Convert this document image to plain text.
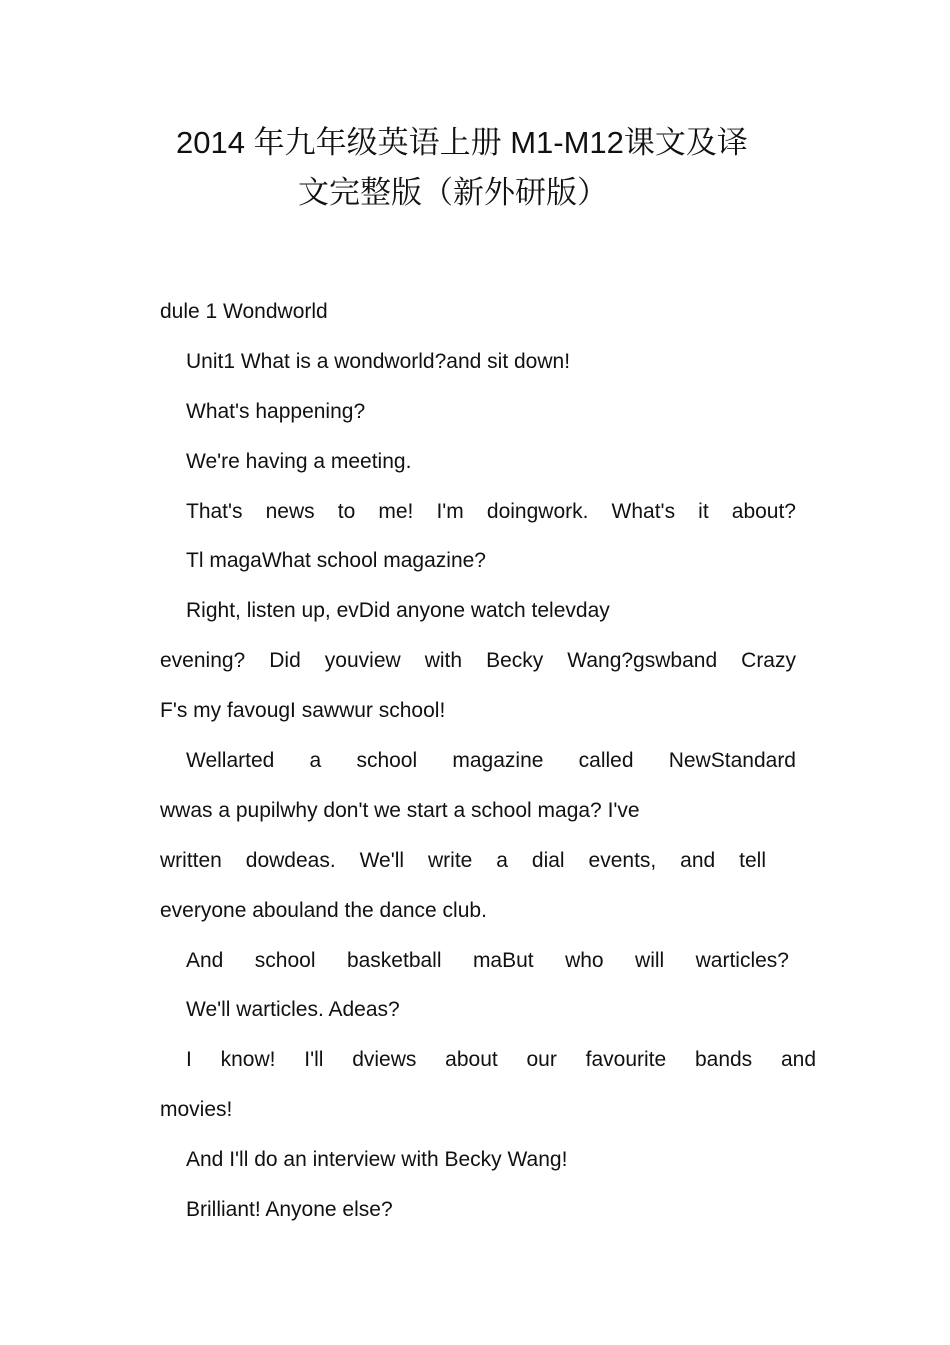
2014 年九年级英语上册 M1-M12课文及译
文完整版（新外研版）
dule 1 Wondworld
Unit1 What is a wondworld?and sit down!
What's happening?
We're having a meeting.
That's news to me! I'm doingwork. What's it about?
Tl magaWhat school magazine?
Right, listen up, evDid anyone watch televday
evening? Did youview with Becky Wang?gswband Crazy
F's my favougI sawwur school!
Wellarted a school magazine called NewStandard
wwas a pupilwhy don't we start a school maga? I've
written dowdeas. We'll write a dial events, and tell
everyone abouland the dance club.
And school basketball maBut who will warticles?
We'll warticles. Adeas?
I know! I'll dviews about our favourite bands and
movies!
And I'll do an interview with Becky Wang!
Brilliant! Anyone else?
